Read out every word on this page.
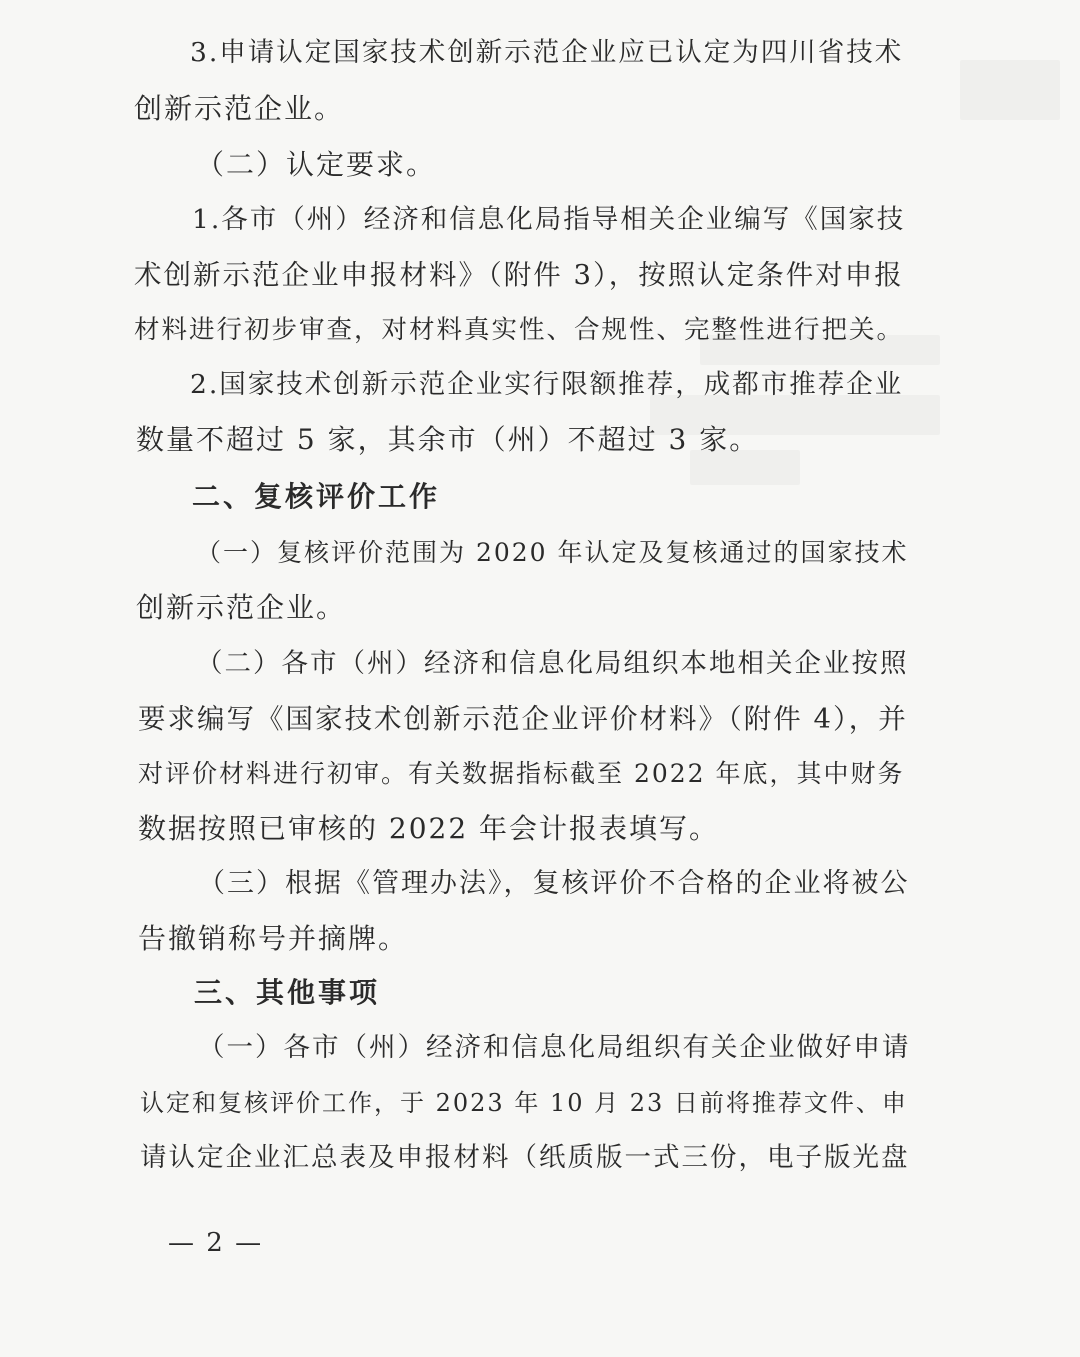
3.申请认定国家技术创新示范企业应已认定为四川省技术
创新示范企业。
（二）认定要求。
1.各市（州）经济和信息化局指导相关企业编写《国家技
术创新示范企业申报材料》（附件 3），按照认定条件对申报
材料进行初步审查，对材料真实性、合规性、完整性进行把关。
2.国家技术创新示范企业实行限额推荐，成都市推荐企业
数量不超过 5 家，其余市（州）不超过 3 家。
二、复核评价工作
（一）复核评价范围为 2020 年认定及复核通过的国家技术
创新示范企业。
（二）各市（州）经济和信息化局组织本地相关企业按照
要求编写《国家技术创新示范企业评价材料》（附件 4），并
对评价材料进行初审。有关数据指标截至 2022 年底，其中财务
数据按照已审核的 2022 年会计报表填写。
（三）根据《管理办法》，复核评价不合格的企业将被公
告撤销称号并摘牌。
三、其他事项
（一）各市（州）经济和信息化局组织有关企业做好申请
认定和复核评价工作，于 2023 年 10 月 23 日前将推荐文件、申
请认定企业汇总表及申报材料（纸质版一式三份，电子版光盘
— 2 —
